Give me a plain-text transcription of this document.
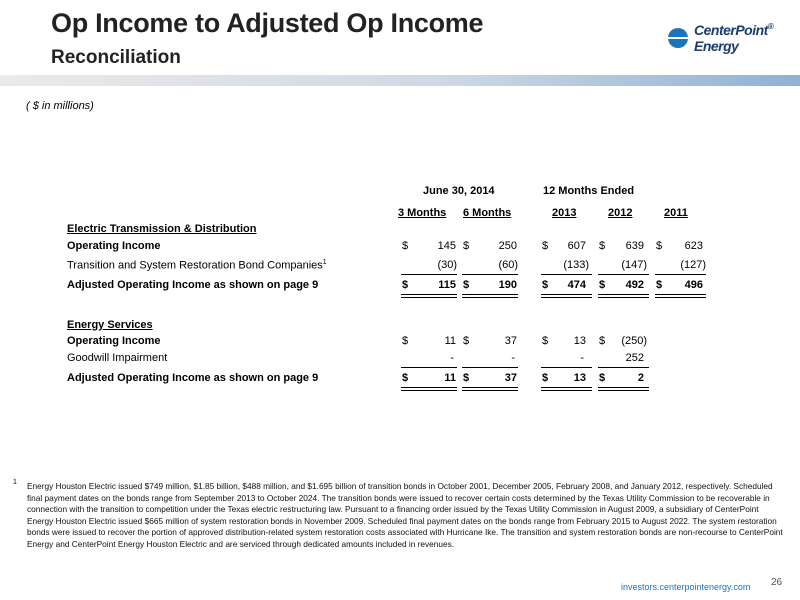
Op Income to Adjusted Op Income
Reconciliation
CenterPoint®
Energy
( $ in millions)
June 30, 2014	12 Months Ended
3 Months 6 Months	2013	2012	2011
Electric Transmission & Distribution
Operating Income	$	145 $	250 $ 607 $ 639 $ 623
Transition and System Restoration Bond Companies$^1$	(30)	(60)	(133)	(147)	(127)
Adjusted Operating Income as shown on page 9	$	115 $	190 $ 474 $ 492 $ 496
Energy Services
Operating Income	$	11 $	37 $ 13 $ (250)
Goodwill Impairment	-	-	-	252
Adjusted Operating Income as shown on page 9	$	11 $	37 $ 13 $	2
1 Energy Houston Electric issued $749 million, $1.85 billion, $488 million, and $1.695 billion of transition bonds in October 2001, December 2005, February 2008, and January 2012, respectively. Scheduled final payment dates on the bonds range from September 2013 to October 2024. The transition bonds were issued to recover certain costs determined by the Texas Utility Commission to be recoverable in connection with the transition to competition under the Texas electric restructuring law. Pursuant to a financing order issued by the Texas Utility Commission in August 2009, a subsidiary of CenterPoint Energy Houston Electric issued $665 million of system restoration bonds in November 2009. Scheduled final payment dates on the bonds range from February 2015 to August 2022. The system restoration bonds were issued to recover the portion of approved distribution-related system restoration costs associated with Hurricane Ike. The transition and system restoration bonds are non-recourse to CenterPoint Energy and CenterPoint Energy Houston Electric and are serviced through dedicated amounts included in revenues.
investors.centerpointenergy.com 26
